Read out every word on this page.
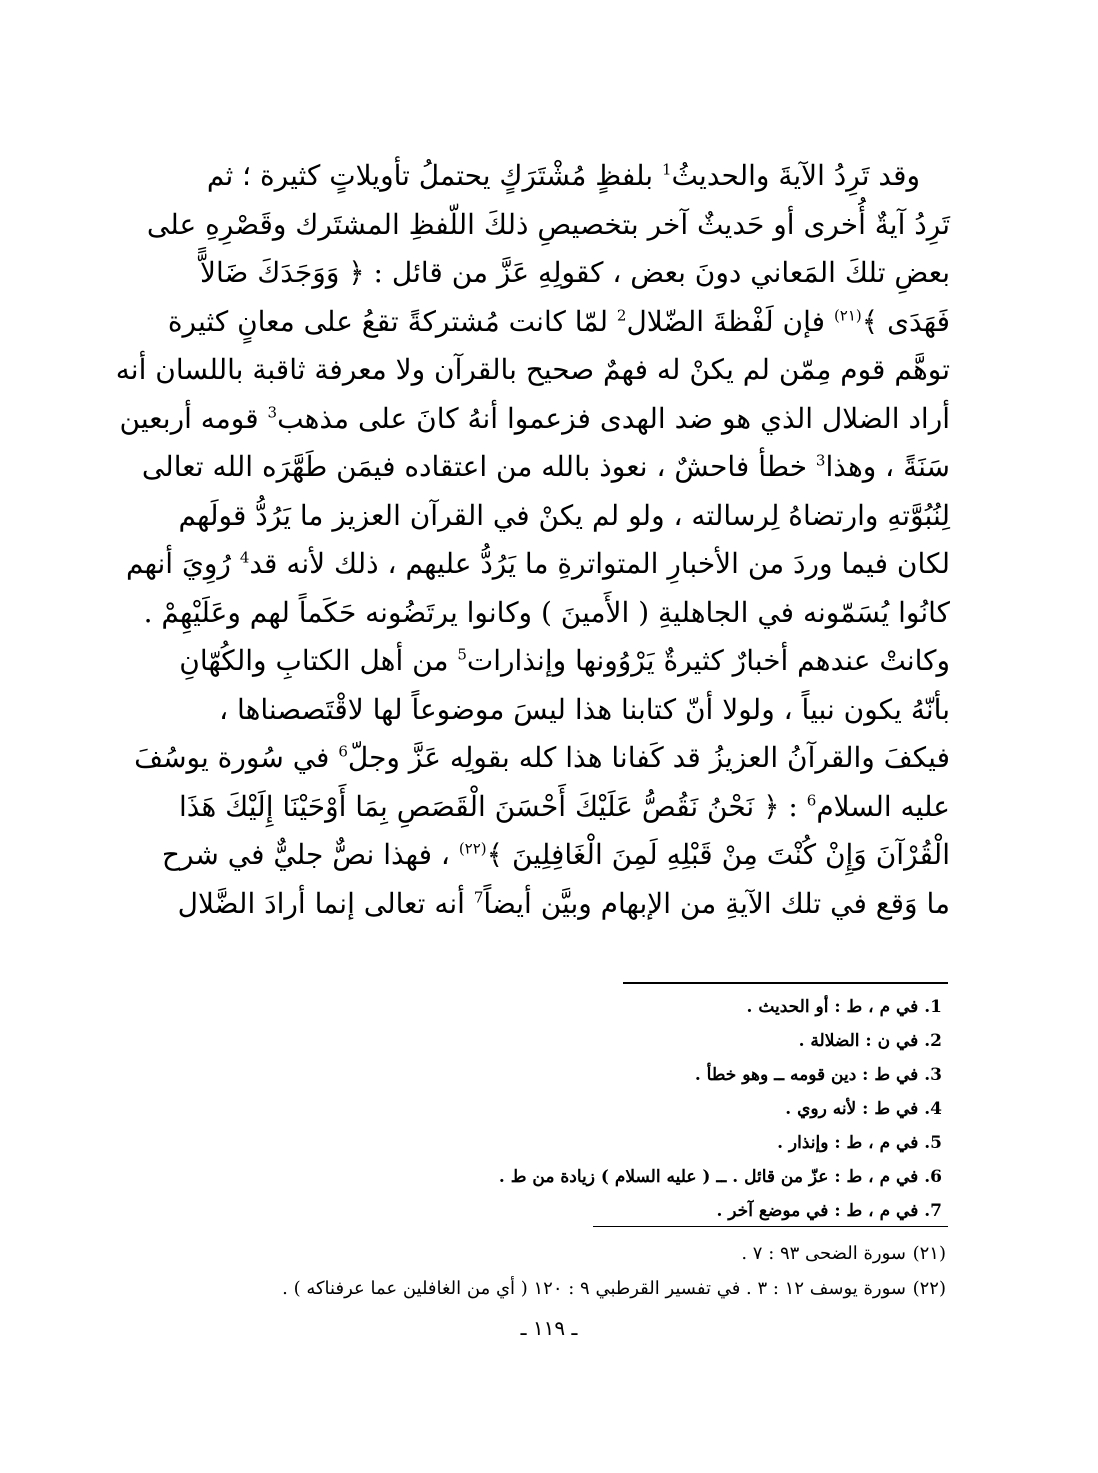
وقد تَرِدُ الآيةَ والحديثُ$^1$ بلفظٍ مُشْتَرَكٍ يحتملُ تأويلاتٍ كثيرة ؛ ثم
تَرِدُ آيةٌ أُخرى أو حَديثٌ آخر بتخصيصِ ذلكَ اللّفظِ المشتَرك وقَصْرِهِ على
بعضِ تلكَ المَعاني دونَ بعض ، كقولِهِ عَزَّ من قائل : ﴿ وَوَجَدَكَ ضَالاًّ
فَهَدَى ﴾$^{(٢١)}$ فإن لَفْظةَ الضّلال$^2$ لمّا كانت مُشتركةً تقعُ على معانٍ كثيرة
توهَّم قوم مِمّن لم يكنْ له فهمٌ صحيح بالقرآن ولا معرفة ثاقبة باللسان أنه
أراد الضلال الذي هو ضد الهدى فزعموا أنهُ كانَ على مذهب$^3$ قومه أربعين
سَنَةً ، وهذا$^3$ خطأ فاحشٌ ، نعوذ بالله من اعتقاده فيمَن طَهَّرَه الله تعالى
لِنُبُوَّتهِ وارتضاهُ لِرسالته ، ولو لم يكنْ في القرآن العزيز ما يَرُدُّ قولَهم
لكان فيما وردَ من الأخبارِ المتواترةِ ما يَرُدُّ عليهم ، ذلك لأنه قد$^4$ رُوِيَ أنهم
كانُوا يُسَمّونه في الجاهليةِ ( الأَمينَ ) وكانوا يرتَضُونه حَكَماً لهم وعَلَيْهِمْ .
وكانتْ عندهم أخبارٌ كثيرةٌ يَرْوُونها وإنذارات$^5$ من أهل الكتابِ والكُهّانِ
بأنّهُ يكون نبياً ، ولولا أنّ كتابنا هذا ليسَ موضوعاً لها لاقْتَصصناها ،
فيكفَ والقرآنُ العزيزُ قد كَفانا هذا كله بقولِه عَزَّ وجلّ$^6$ في سُورة يوسُفَ
عليه السلام$^6$ : ﴿ نَحْنُ نَقُصُّ عَلَيْكَ أَحْسَنَ الْقَصَصِ بِمَا أَوْحَيْنَا إِلَيْكَ هَذَا
الْقُرْآنَ وَإِنْ كُنْتَ مِنْ قَبْلِهِ لَمِنَ الْغَافِلِينَ ﴾$^{(٢٢)}$ ، فهذا نصٌّ جليٌّ في شرح
ما وَقع في تلك الآيةِ من الإبهام وبيَّن أيضاً$^7$ أنه تعالى إنما أرادَ الضَّلال
1. في م ، ط : أو الحديث .
2. في ن : الضلالة .
3. في ط : دين قومه ــ وهو خطأ .
4. في ط : لأنه روي .
5. في م ، ط : وإنذار .
6. في م ، ط : عزّ من قائل . ــ ( عليه السلام ) زيادة من ط .
7. في م ، ط : في موضع آخر .
(٢١)سورة الضحى ٩٣ : ٧ .
(٢٢)سورة يوسف ١٢ : ٣ . في تفسير القرطبي ٩ : ١٢٠ ( أي من الغافلين عما عرفناكه ) .
ـ ١١٩ ـ
